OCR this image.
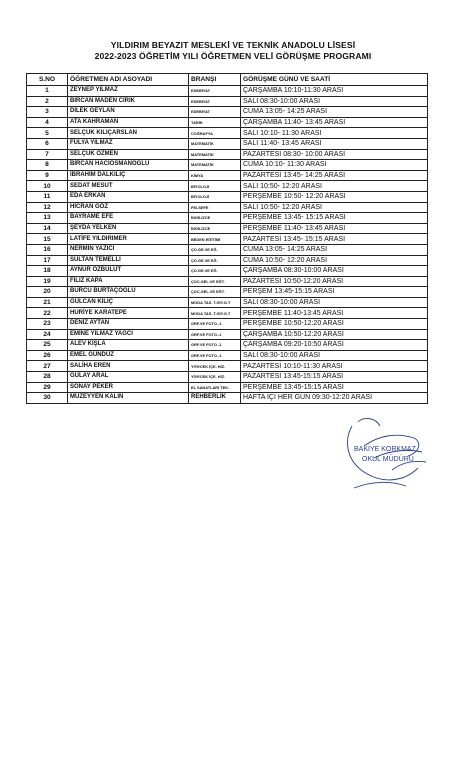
YILDIRIM BEYAZIT MESLEKİ VE TEKNİK ANADOLU LİSESİ
2022-2023 ÖĞRETİM YILI ÖĞRETMEN VELİ GÖRÜŞME PROGRAMI
S.NO	ÖĞRETMEN ADI ASOYADI	BRANŞI	GÖRÜŞME GÜNÜ VE SAATİ
1	ZEYNEP YILMAZ	EDEBİYAT	ÇARŞAMBA 10:10-11:30 ARASI
2	BİRCAN MADEN CIRIK	EDEBİYAT	SALI 08:30-10:00 ARASI
3	DİLEK GEYLAN	EDEBİYAT	CUMA 13:05- 14:25 ARASI
4	ATA KAHRAMAN	TARİH	ÇARŞAMBA 11:40- 13:45 ARASI
5	SELÇUK KILIÇARSLAN	COĞRAFYA	SALI 10:10- 11:30 ARASI
6	FULYA YILMAZ	MATEMATİK	SALI 11:40- 13:45 ARASI
7	SELÇUK ÖZMEN	MATEMATİK	PAZARTESİ 08:30- 10:00 ARASI
8	BİRCAN HACIOSMANOĞLU	MATEMATİK	CUMA 10:10- 11:30 ARASI
9	İBRAHİM DALKILIÇ	KİMYA	PAZARTESİ 13:45- 14:25 ARASI
10	SEDAT MESUT	BİYOLOJİ	SALI 10:50- 12:20 ARASI
11	EDA ERKAN	BİYOLOJİ	PERŞEMBE 10:50- 12:20 ARASI
12	HİCRAN GÖZ	FELSEFE	SALI 10:50- 12:20 ARASI
13	BAYRAME EFE	İNGİLİZCE	PERŞEMBE 13:45- 15:15 ARASI
14	ŞEYDA YELKEN	İNGİLİZCE	PERŞEMBE 11:40- 13:45 ARASI
15	LATİFE YILDIRIMER	BEDEN EĞİTİMİ	PAZARTESİ 13:45- 15:15 ARASI
16	NERMİN YAZICI	ÇO.GE.VE EĞ.	CUMA 13:05- 14:25 ARASI
17	SULTAN TEMELLİ	ÇO.GE.VE EĞ.	CUMA 10:50- 12:20 ARASI
18	AYNUR ÖZBULUT	ÇO.GE.VE EĞ.	ÇARŞAMBA 08:30-10:00 ARASI
19	FİLİZ KAPA	ÇOC.GEL.VE EĞT.	PAZARTESİ 10:50-12:20 ARASI
20	BURCU BURTAÇOĞLU	ÇOC.GEL.VE EĞT.	PERŞEM 13:45-15:15 ARASI
21	GÜLCAN KILIÇ	MODA TAS. T.GİY.G.T	SALI 08:30-10:00 ARASI
22	HURİYE KARATEPE	MODA TAS. T.GİY.G.T	PERŞEMBE 11:40-13:45 ARASI
23	DENİZ AYTAN	GRF.VE FOTO.-1	PERŞEMBE 10:50-12:20 ARASI
24	EMİNE YILMAZ YAĞCI	GRF.VE FOTO.-1	ÇARŞAMBA 10:50-12:20 ARASI
25	ALEV KIŞLA	GRF.VE FOTO.-1	ÇARŞAMBA 09:20-10:50 ARASI
26	EMEL GÜNDÜZ	GRF.VE FOTO.-1	SALI 08:30-10:00 ARASI
27	SALİHA EREN	YİYECEK İÇE. HİZ.	PAZARTESİ 10:10-11:30 ARASI
28	GÜLAY ARAL	YİYECEK İÇE. HİZ.	PAZARTESİ 13:45-15:15 ARASI
29	SONAY PEKER	EL SANATLARI TEK.	PERŞEMBE 13:45-15:15 ARASI
30	MÜZEYYEN KALIN	REHBERLİK	HAFTA İÇİ HER GÜN 09:30-12:20 ARASI
BAKİYE KORKMAZ
OKUL MÜDÜRÜ
